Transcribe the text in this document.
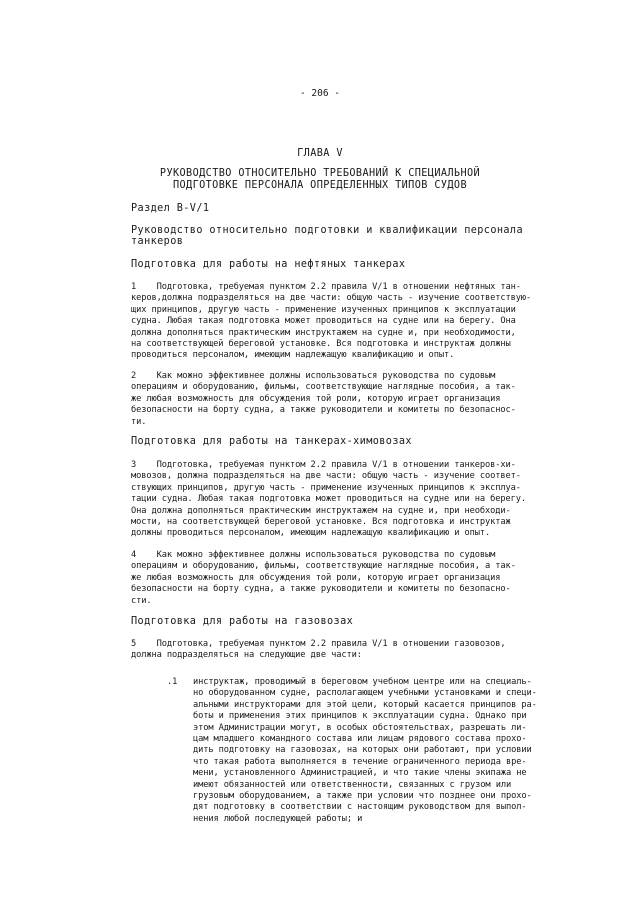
- 206 -
ГЛАВА V
РУКОВОДСТВО ОТНОСИТЕЛЬНО ТРЕБОВАНИЙ К СПЕЦИАЛЬНОЙ
ПОДГОТОВКЕ ПЕРСОНАЛА ОПРЕДЕЛЕННЫХ ТИПОВ СУДОВ
Раздел В-V/1
Руководство относительно подготовки и квалификации персонала
танкеров
Подготовка для работы на нефтяных танкерах
1    Подготовка, требуемая пунктом 2.2 правила V/1 в отношении нефтяных тан-
керов,должна подразделяться на две части: общую часть - изучение соответствую-
щих принципов, другую часть - применение изученных принципов к эксплуатации
судна. Любая такая подготовка может проводиться на судне или на берегу. Она
должна дополняться практическим инструктажем на судне и, при необходимости,
на соответствующей береговой установке. Вся подготовка и инструктаж должны
проводиться персоналом, имеющим надлежащую квалификацию и опыт.
2    Как можно эффективнее должны использоваться руководства по судовым
операциям и оборудованию, фильмы, соответствующие наглядные пособия, а так-
же любая возможность для обсуждения той роли, которую играет организация
безопасности на борту судна, а также руководители и комитеты по безопаснос-
ти.
Подготовка для работы на танкерах-химовозах
3    Подготовка, требуемая пунктом 2.2 правила V/1 в отношении танкеров-хи-
мовозов, должна подразделяться на две части: общую часть - изучение соответ-
ствующих принципов, другую часть - применение изученных принципов к эксплуа-
тации судна. Любая такая подготовка может проводиться на судне или на берегу.
Она должна дополняться практическим инструктажем на судне и, при необходи-
мости, на соответствующей береговой установке. Вся подготовка и инструктаж
должны проводиться персоналом, имеющим надлежащую квалификацию и опыт.
4    Как можно эффективнее должны использоваться руководства по судовым
операциям и оборудованию, фильмы, соответствующие наглядные пособия, а так-
же любая возможность для обсуждения той роли, которую играет организация
безопасности на борту судна, а также руководители и комитеты по безопасно-
сти.
Подготовка для работы на газовозах
5    Подготовка, требуемая пунктом 2.2 правила V/1 в отношении газовозов,
должна подразделяться на следующие две части:
.1 инструктаж, проводимый в береговом учебном центре или на специаль-
но оборудованном судне, располагающем учебными установками и специ-
альными инструкторами для этой цели, который касается принципов ра-
боты и применения этих принципов к эксплуатации судна. Однако при
этом Администрации могут, в особых обстоятельствах, разрешать ли-
цам младшего командного состава или лицам рядового состава прохо-
дить подготовку на газовозах, на которых они работают, при условии
что такая работа выполняется в течение ограниченного периода вре-
мени, установленного Администрацией, и что такие члены экипажа не
имеют обязанностей или ответственности, связанных с грузом или
грузовым оборудованием, а также при условии что позднее они прохо-
дят подготовку в соответствии с настоящим руководством для выпол-
нения любой последующей работы; и
